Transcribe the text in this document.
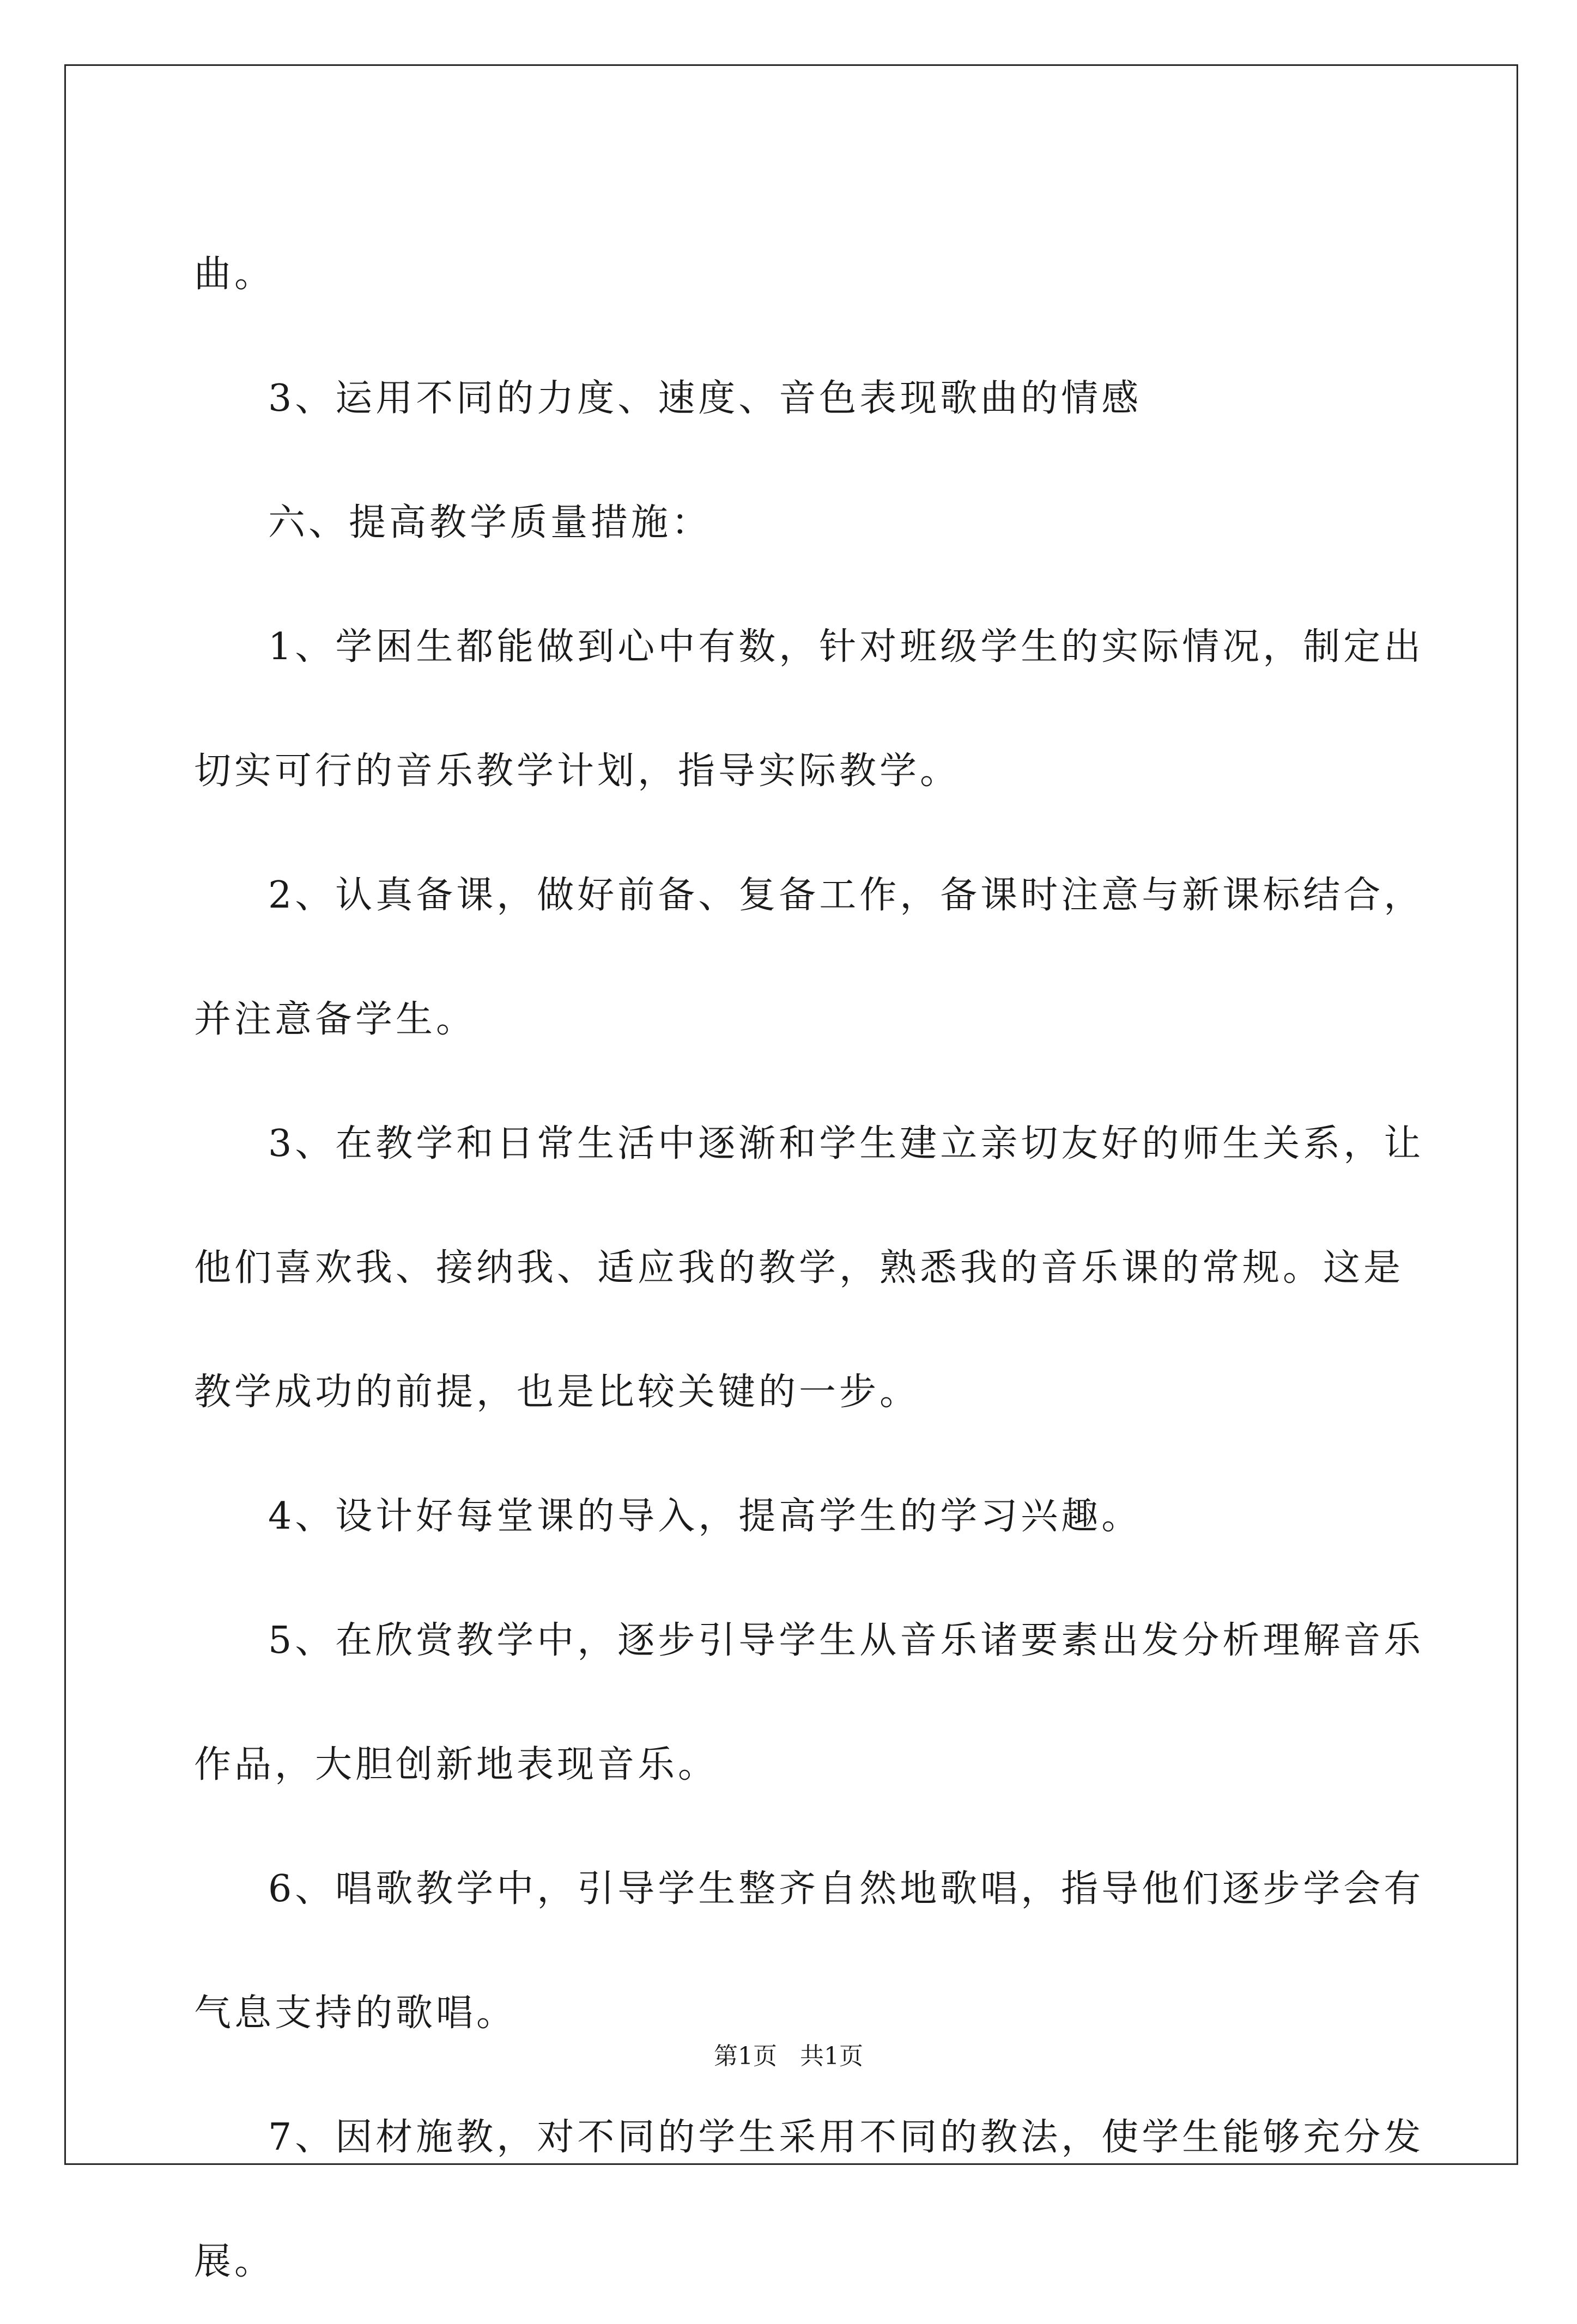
曲。

3、运用不同的力度、速度、音色表现歌曲的情感

六、提高教学质量措施：

1、学困生都能做到心中有数，针对班级学生的实际情况，制定出

切实可行的音乐教学计划，指导实际教学。

2、认真备课，做好前备、复备工作，备课时注意与新课标结合，

并注意备学生。

3、在教学和日常生活中逐渐和学生建立亲切友好的师生关系，让

他们喜欢我、接纳我、适应我的教学，熟悉我的音乐课的常规。这是

教学成功的前提，也是比较关键的一步。

4、设计好每堂课的导入，提高学生的学习兴趣。

5、在欣赏教学中，逐步引导学生从音乐诸要素出发分析理解音乐

作品，大胆创新地表现音乐。

6、唱歌教学中，引导学生整齐自然地歌唱，指导他们逐步学会有

气息支持的歌唱。

7、因材施教，对不同的学生采用不同的教法，使学生能够充分发

展。

第1页 共1页
